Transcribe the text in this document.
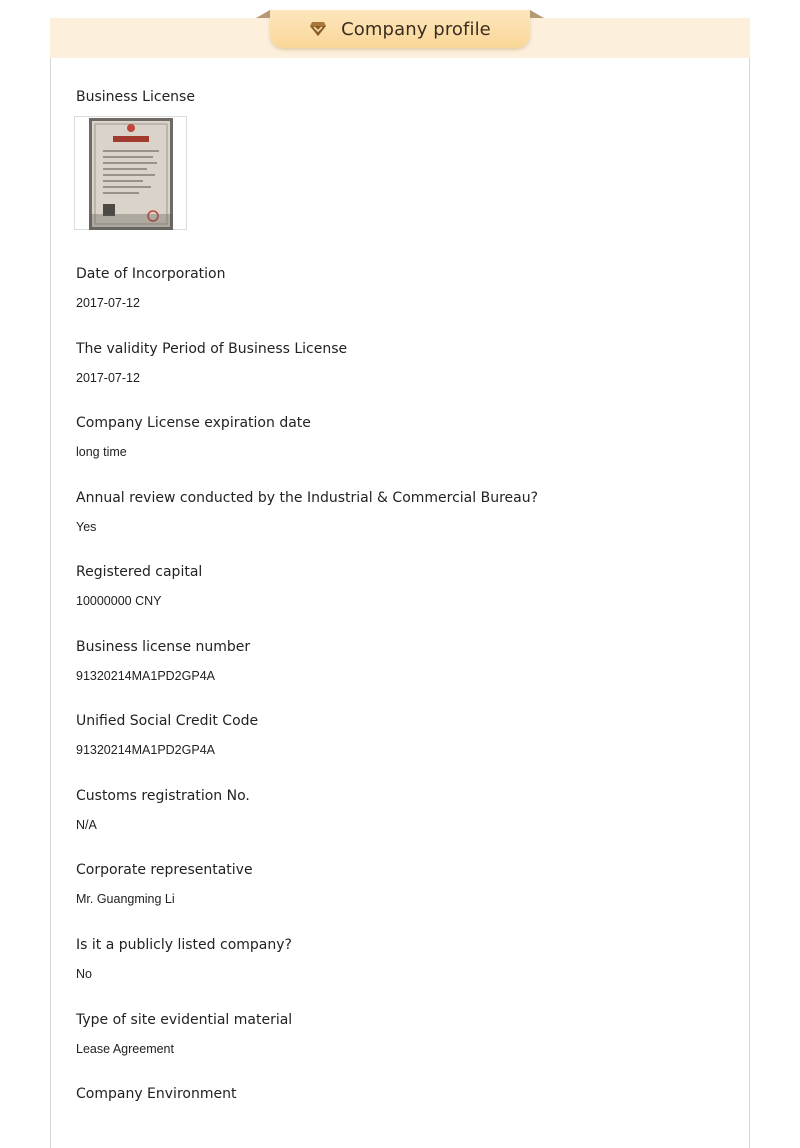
Company profile
Business License
Date of Incorporation
2017-07-12
The validity Period of Business License
2017-07-12
Company License expiration date
long time
Annual review conducted by the Industrial & Commercial Bureau?
Yes
Registered capital
10000000 CNY
Business license number
91320214MA1PD2GP4A
Unified Social Credit Code
91320214MA1PD2GP4A
Customs registration No.
N/A
Corporate representative
Mr. Guangming Li
Is it a publicly listed company?
No
Type of site evidential material
Lease Agreement
Company Environment
